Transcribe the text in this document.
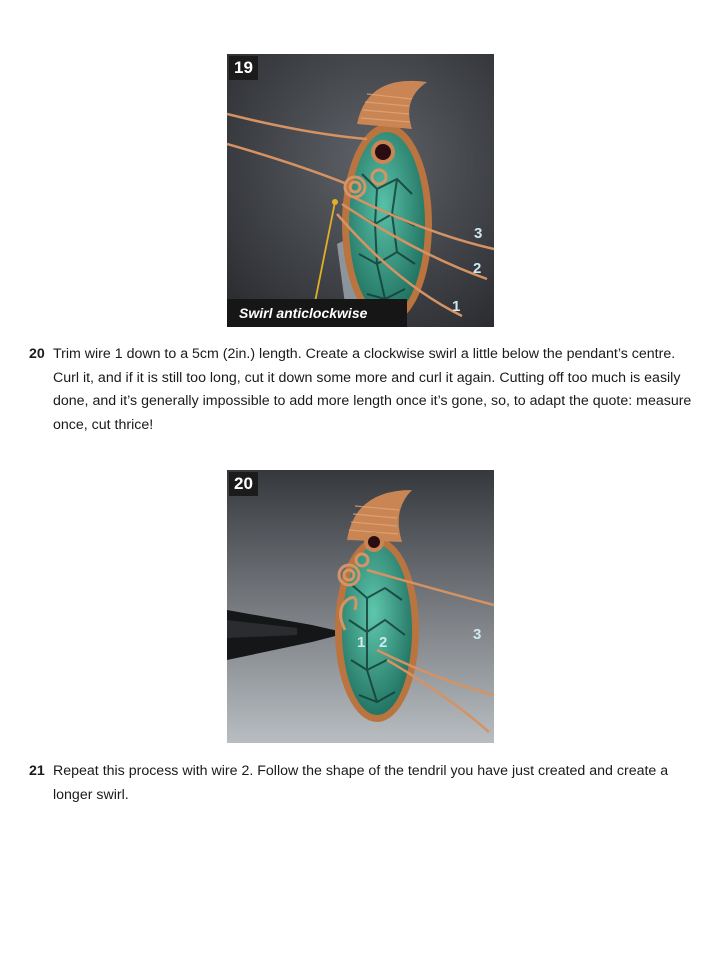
19
3
2
1
Swirl anticlockwise
20 Trim wire 1 down to a 5cm (2in.) length. Create a clockwise swirl a little below the pendant’s centre. Curl it, and if it is still too long, cut it down some more and curl it again. Cutting off too much is easily done, and it’s generally impossible to add more length once it’s gone, so, to adapt the quote: measure once, cut thrice!
20
1 2	3
21 Repeat this process with wire 2. Follow the shape of the tendril you have just created and create a longer swirl.
